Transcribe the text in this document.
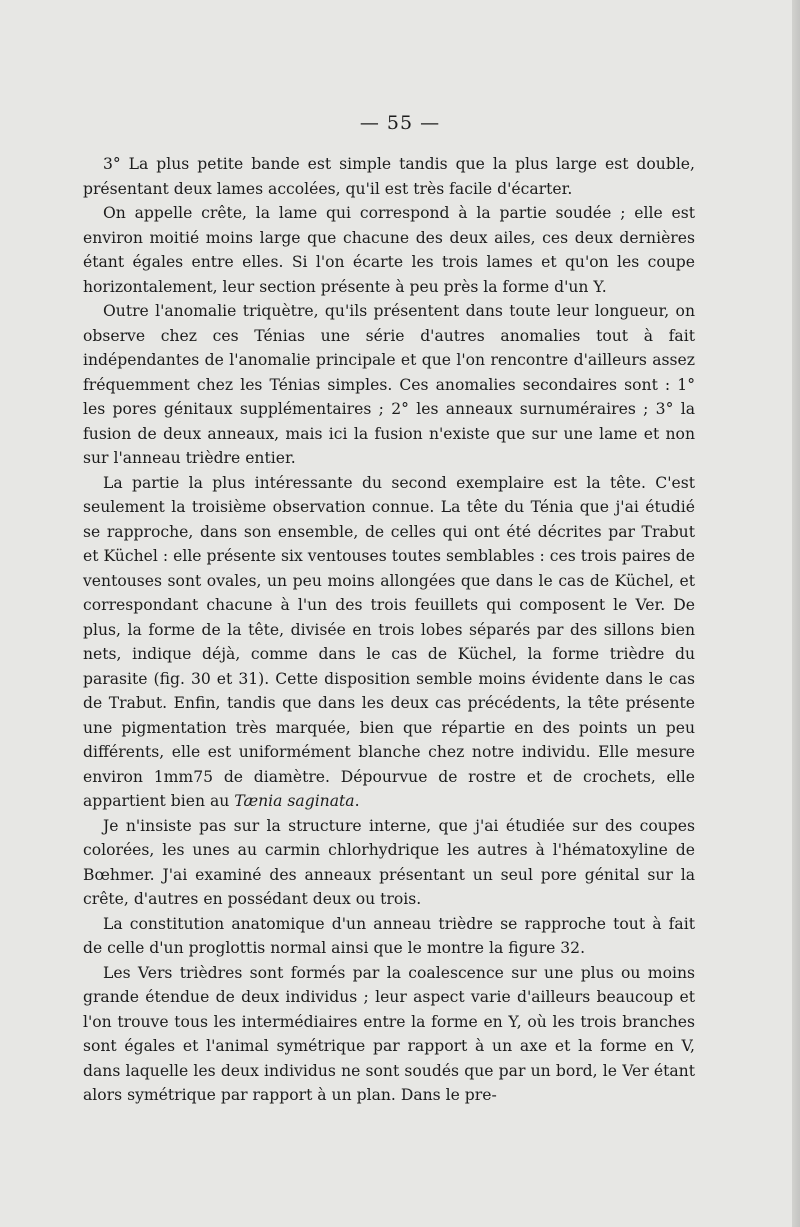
— 55 —

3° La plus petite bande est simple tandis que la plus large est double, présentant deux lames accolées, qu'il est très facile d'écarter.

On appelle crête, la lame qui correspond à la partie soudée ; elle est environ moitié moins large que chacune des deux ailes, ces deux dernières étant égales entre elles. Si l'on écarte les trois lames et qu'on les coupe horizontalement, leur section présente à peu près la forme d'un Y.

Outre l'anomalie triquètre, qu'ils présentent dans toute leur longueur, on observe chez ces Ténias une série d'autres anomalies tout à fait indépendantes de l'anomalie principale et que l'on rencontre d'ailleurs assez fréquemment chez les Ténias simples. Ces anomalies secondaires sont : 1° les pores génitaux supplémentaires ; 2° les anneaux surnuméraires ; 3° la fusion de deux anneaux, mais ici la fusion n'existe que sur une lame et non sur l'anneau trièdre entier.

La partie la plus intéressante du second exemplaire est la tête. C'est seulement la troisième observation connue. La tête du Ténia que j'ai étudié se rapproche, dans son ensemble, de celles qui ont été décrites par Trabut et Küchel : elle présente six ventouses toutes semblables : ces trois paires de ventouses sont ovales, un peu moins allongées que dans le cas de Küchel, et correspondant chacune à l'un des trois feuillets qui composent le Ver. De plus, la forme de la tête, divisée en trois lobes séparés par des sillons bien nets, indique déjà, comme dans le cas de Küchel, la forme trièdre du parasite (fig. 30 et 31). Cette disposition semble moins évidente dans le cas de Trabut. Enfin, tandis que dans les deux cas précédents, la tête présente une pigmentation très marquée, bien que répartie en des points un peu différents, elle est uniformément blanche chez notre individu. Elle mesure environ 1mm75 de diamètre. Dépourvue de rostre et de crochets, elle appartient bien au Tænia saginata.

Je n'insiste pas sur la structure interne, que j'ai étudiée sur des coupes colorées, les unes au carmin chlorhydrique les autres à l'hématoxyline de Bœhmer. J'ai examiné des anneaux présentant un seul pore génital sur la crête, d'autres en possédant deux ou trois.

La constitution anatomique d'un anneau trièdre se rapproche tout à fait de celle d'un proglottis normal ainsi que le montre la figure 32.

Les Vers trièdres sont formés par la coalescence sur une plus ou moins grande étendue de deux individus ; leur aspect varie d'ailleurs beaucoup et l'on trouve tous les intermédiaires entre la forme en Y, où les trois branches sont égales et l'animal symétrique par rapport à un axe et la forme en V, dans laquelle les deux individus ne sont soudés que par un bord, le Ver étant alors symétrique par rapport à un plan. Dans le pre-
